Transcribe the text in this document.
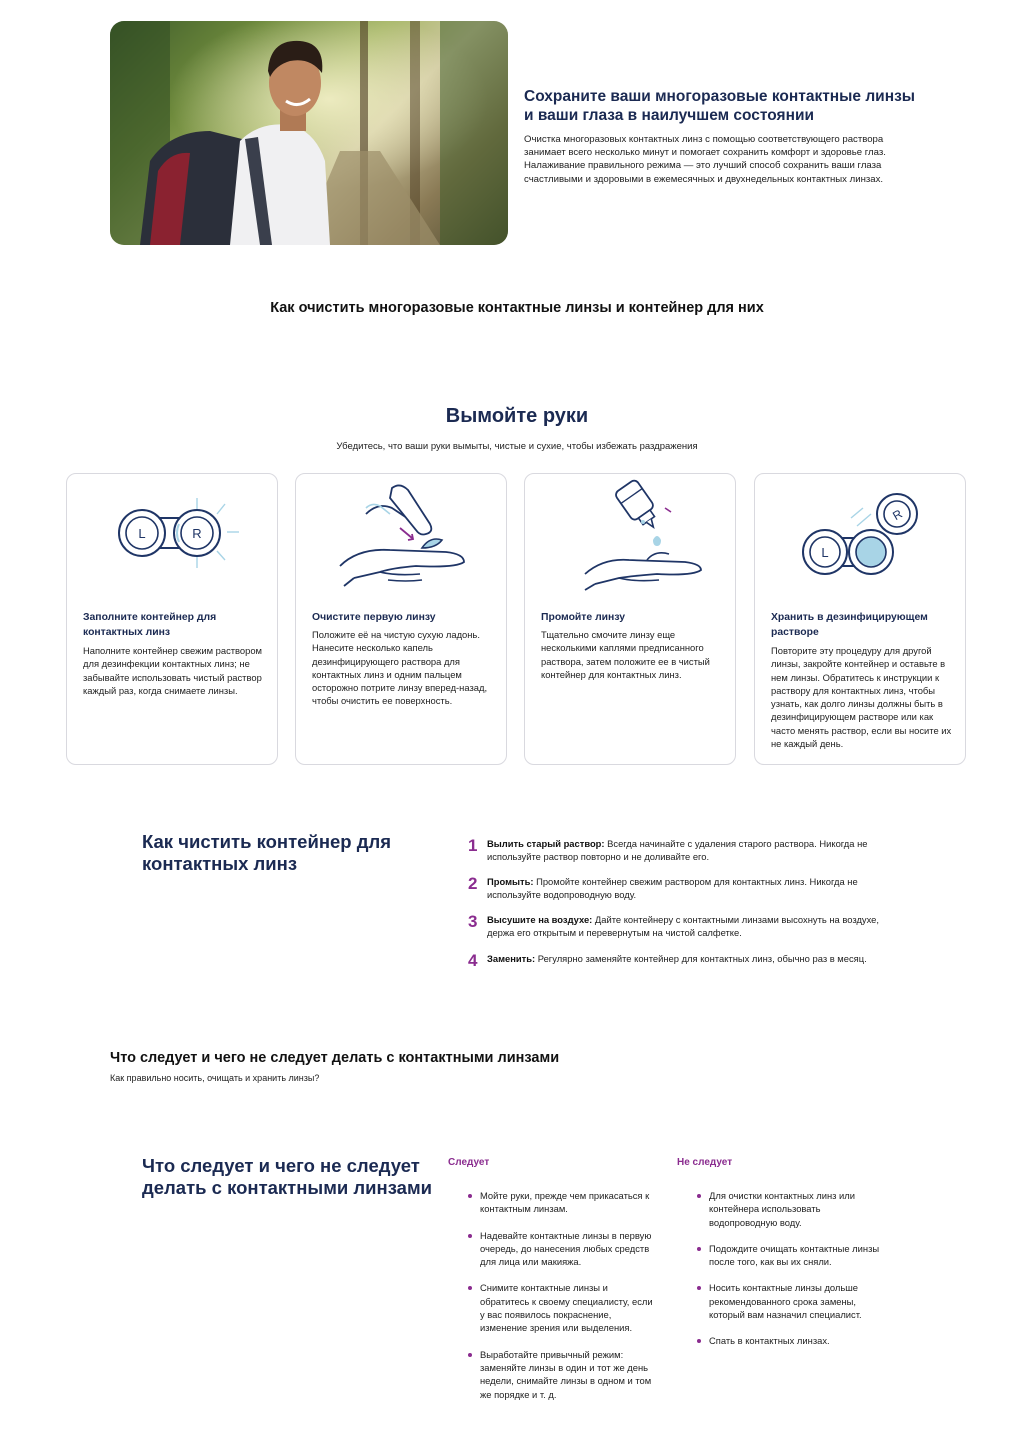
Сохраните ваши многоразовые контактные линзы и ваши глаза в наилучшем состоянии

Очистка многоразовых контактных линз с помощью соответствующего раствора занимает всего несколько минут и помогает сохранить комфорт и здоровье глаз. Налаживание правильного режима — это лучший способ сохранить ваши глаза счастливыми и здоровыми в ежемесячных и двухнедельных контактных линзах.

Как очистить многоразовые контактные линзы и контейнер для них
Вымойте руки

Убедитесь, что ваши руки вымыты, чистые и сухие, чтобы избежать раздражения

L	R
Заполните контейнер для контактных линз
Наполните контейнер свежим раствором для дезинфекции контактных линз; не забывайте использовать чистый раствор каждый раз, когда снимаете линзы.
Очистите первую линзу
Положите её на чистую сухую ладонь. Нанесите несколько капель дезинфицирующего раствора для контактных линз и одним пальцем осторожно потрите линзу вперед-назад, чтобы очистить ее поверхность.
Промойте линзу
Тщательно смочите линзу еще несколькими каплями предписанного раствора, затем положите ее в чистый контейнер для контактных линз.
L
R
Хранить в дезинфицирующем растворе
Повторите эту процедуру для другой линзы, закройте контейнер и оставьте в нем линзы. Обратитесь к инструкции к раствору для контактных линз, чтобы узнать, как долго линзы должны быть в дезинфицирующем растворе или как часто менять раствор, если вы носите их не каждый день.
Как чистить контейнер для контактных линз
1 Вылить старый раствор: Всегда начинайте с удаления старого раствора. Никогда не используйте раствор повторно и не доливайте его.

2 Промыть: Промойте контейнер свежим раствором для контактных линз. Никогда не используйте водопроводную воду.

3 Высушите на воздухе: Дайте контейнеру с контактными линзами высохнуть на воздухе, держа его открытым и перевернутым на чистой салфетке.

4 Заменить: Регулярно заменяйте контейнер для контактных линз, обычно раз в месяц.

Что следует и чего не следует делать с контактными линзами

Как правильно носить, очищать и хранить линзы?

Что следует и чего не следует делать с контактными линзами
Следует
Мойте руки, прежде чем прикасаться к контактным линзам.
Надевайте контактные линзы в первую очередь, до нанесения любых средств для лица или макияжа.
Снимите контактные линзы и обратитесь к своему специалисту, если у вас появилось покраснение, изменение зрения или выделения.
Выработайте привычный режим: заменяйте линзы в один и тот же день недели, снимайте линзы в одном и том же порядке и т. д.
Не следует
Для очистки контактных линз или контейнера использовать водопроводную воду.
Подождите очищать контактные линзы после того, как вы их сняли.
Носить контактные линзы дольше рекомендованного срока замены, который вам назначил специалист.
Спать в контактных линзах.
